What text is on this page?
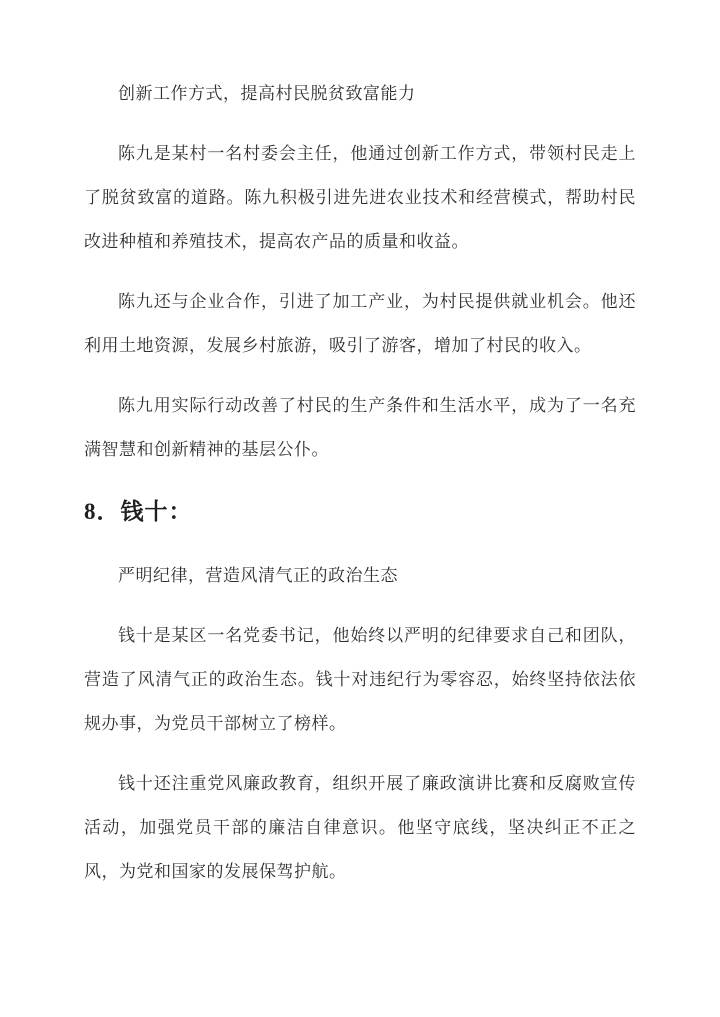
创新工作方式，提高村民脱贫致富能力

陈九是某村一名村委会主任，他通过创新工作方式，带领村民走上了脱贫致富的道路。陈九积极引进先进农业技术和经营模式，帮助村民改进种植和养殖技术，提高农产品的质量和收益。

陈九还与企业合作，引进了加工产业，为村民提供就业机会。他还利用土地资源，发展乡村旅游，吸引了游客，增加了村民的收入。

陈九用实际行动改善了村民的生产条件和生活水平，成为了一名充满智慧和创新精神的基层公仆。

8．钱十：

严明纪律，营造风清气正的政治生态

钱十是某区一名党委书记，他始终以严明的纪律要求自己和团队，营造了风清气正的政治生态。钱十对违纪行为零容忍，始终坚持依法依规办事，为党员干部树立了榜样。

钱十还注重党风廉政教育，组织开展了廉政演讲比赛和反腐败宣传活动，加强党员干部的廉洁自律意识。他坚守底线，坚决纠正不正之风，为党和国家的发展保驾护航。
